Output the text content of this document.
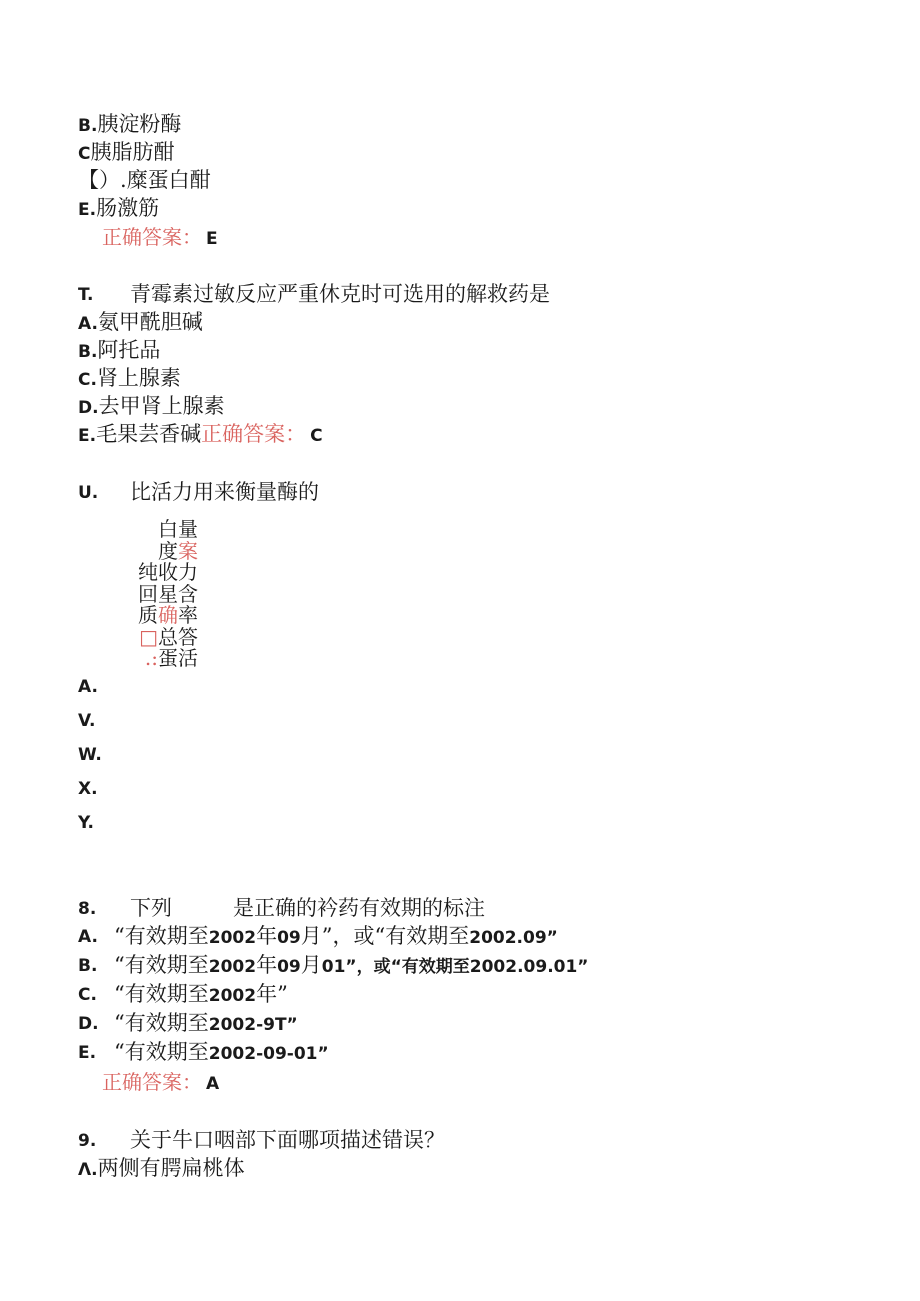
B.胰淀粉酶
C胰脂肪酣
【）.糜蛋白酣
E.肠激筋
正确答案： E
T. 青霉素过敏反应严重休克时可选用的解救药是
A.氨甲酰胆碱
B.阿托品
C.肾上腺素
D.去甲肾上腺素
E.毛果芸香碱正确答案： C
U. 比活力用来衡量酶的
白量
度案
纯收力
回星含
质确率
□总答
.:蛋活
A.
V.
W.
X.
Y.
8. 下列	是正确的衿药有效期的标注
A. “有效期至2002年09月”，或“有效期至2002.09”
B. “有效期至2002年09月01”，或“有效期至2002.09.01”
C. “有效期至2002年”
D. “有效期至2002-9T”
E. “有效期至2002-09-01”
正确答案： A
9. 关于牛口咽部下面哪项描述错误？
Λ.两侧有腭扁桃体
